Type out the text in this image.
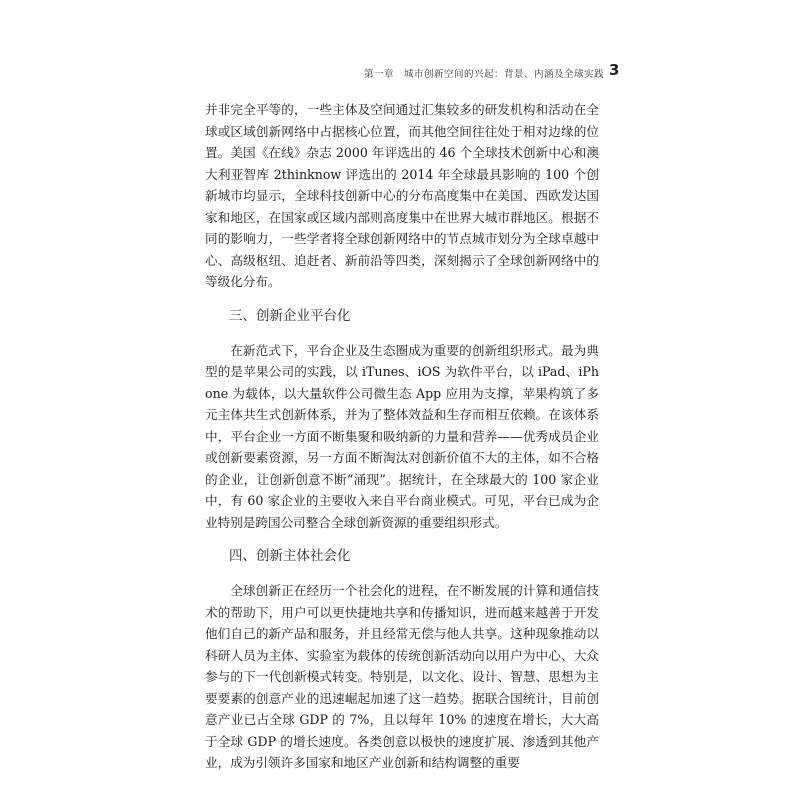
第一章　城市创新空间的兴起：背景、内涵及全球实践 3

并非完全平等的，一些主体及空间通过汇集较多的研发机构和活动在全球或区域创新网络中占据核心位置，而其他空间往往处于相对边缘的位置。美国《在线》杂志 2000 年评选出的 46 个全球技术创新中心和澳大利亚智库 2thinknow 评选出的 2014 年全球最具影响的 100 个创新城市均显示，全球科技创新中心的分布高度集中在美国、西欧发达国家和地区，在国家或区域内部则高度集中在世界大城市群地区。根据不同的影响力，一些学者将全球创新网络中的节点城市划分为全球卓越中心、高级枢纽、追赶者、新前沿等四类，深刻揭示了全球创新网络中的等级化分布。

三、创新企业平台化

在新范式下，平台企业及生态圈成为重要的创新组织形式。最为典型的是苹果公司的实践，以 iTunes、iOS 为软件平台，以 iPad、iPhone 为载体，以大量软件公司微生态 App 应用为支撑，苹果构筑了多元主体共生式创新体系，并为了整体效益和生存而相互依赖。在该体系中，平台企业一方面不断集聚和吸纳新的力量和营养——优秀成员企业或创新要素资源，另一方面不断淘汰对创新价值不大的主体，如不合格的企业，让创新创意不断“涌现”。据统计，在全球最大的 100 家企业中，有 60 家企业的主要收入来自平台商业模式。可见，平台已成为企业特别是跨国公司整合全球创新资源的重要组织形式。

四、创新主体社会化

全球创新正在经历一个社会化的进程，在不断发展的计算和通信技术的帮助下，用户可以更快捷地共享和传播知识，进而越来越善于开发他们自己的新产品和服务，并且经常无偿与他人共享。这种现象推动以科研人员为主体、实验室为载体的传统创新活动向以用户为中心、大众参与的下一代创新模式转变。特别是，以文化、设计、智慧、思想为主要要素的创意产业的迅速崛起加速了这一趋势。据联合国统计，目前创意产业已占全球 GDP 的 7%，且以每年 10% 的速度在增长，大大高于全球 GDP 的增长速度。各类创意以极快的速度扩展、渗透到其他产业，成为引领许多国家和地区产业创新和结构调整的重要
